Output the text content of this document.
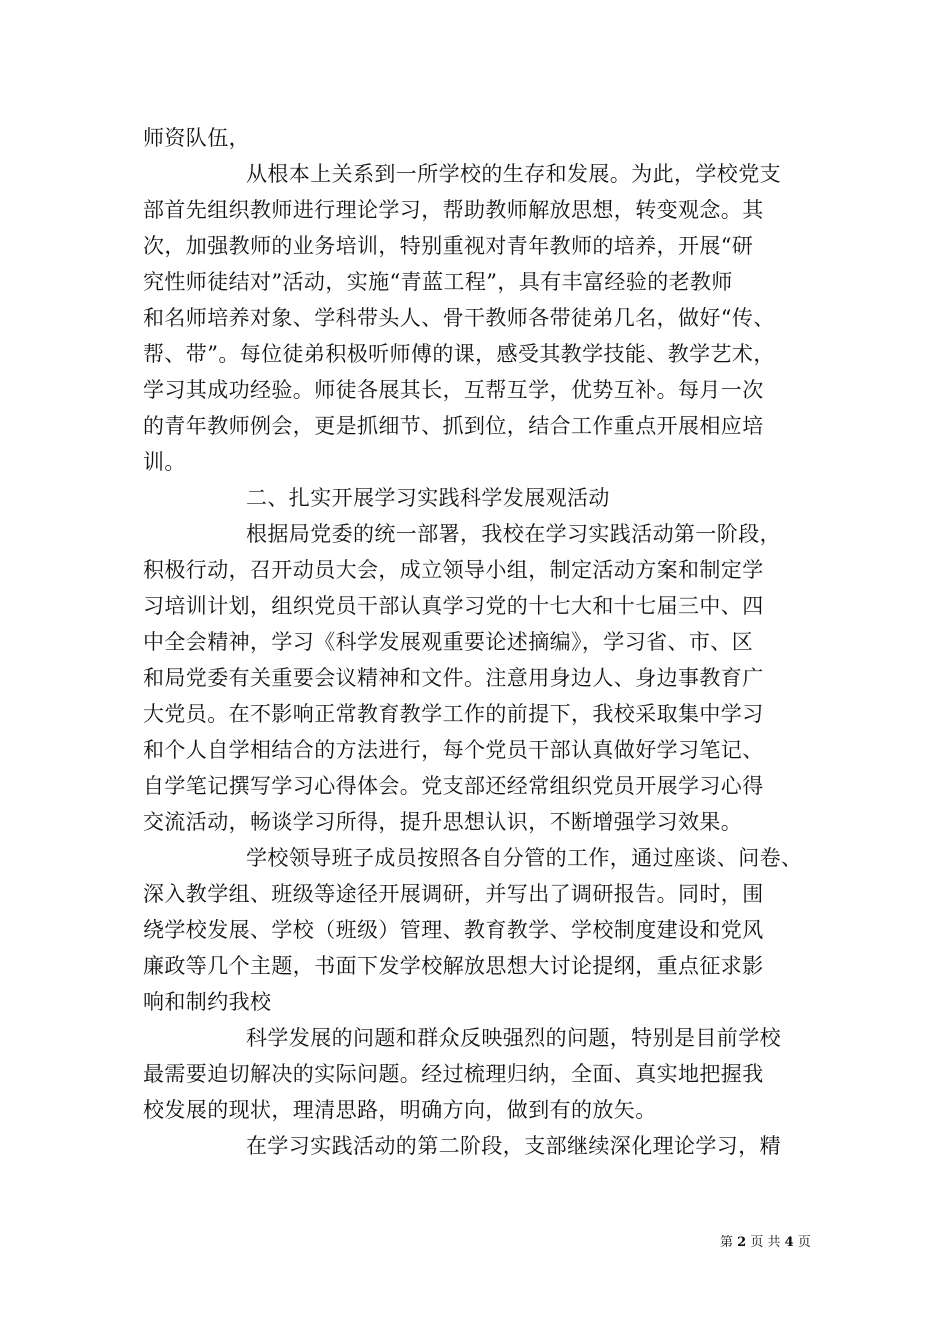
师资队伍，
从根本上关系到一所学校的生存和发展。为此，学校党支
部首先组织教师进行理论学习，帮助教师解放思想，转变观念。其
次，加强教师的业务培训，特别重视对青年教师的培养，开展“研
究性师徒结对”活动，实施“青蓝工程”，具有丰富经验的老教师
和名师培养对象、学科带头人、骨干教师各带徒弟几名，做好“传、
帮、带”。每位徒弟积极听师傅的课，感受其教学技能、教学艺术，
学习其成功经验。师徒各展其长，互帮互学，优势互补。每月一次
的青年教师例会，更是抓细节、抓到位，结合工作重点开展相应培
训。
二、扎实开展学习实践科学发展观活动
根据局党委的统一部署，我校在学习实践活动第一阶段，
积极行动，召开动员大会，成立领导小组，制定活动方案和制定学
习培训计划，组织党员干部认真学习党的十七大和十七届三中、四
中全会精神，学习《科学发展观重要论述摘编》，学习省、市、区
和局党委有关重要会议精神和文件。注意用身边人、身边事教育广
大党员。在不影响正常教育教学工作的前提下，我校采取集中学习
和个人自学相结合的方法进行，每个党员干部认真做好学习笔记、
自学笔记撰写学习心得体会。党支部还经常组织党员开展学习心得
交流活动，畅谈学习所得，提升思想认识，不断增强学习效果。
学校领导班子成员按照各自分管的工作，通过座谈、问卷、
深入教学组、班级等途径开展调研，并写出了调研报告。同时，围
绕学校发展、学校（班级）管理、教育教学、学校制度建设和党风
廉政等几个主题，书面下发学校解放思想大讨论提纲，重点征求影
响和制约我校
科学发展的问题和群众反映强烈的问题，特别是目前学校
最需要迫切解决的实际问题。经过梳理归纳，全面、真实地把握我
校发展的现状，理清思路，明确方向，做到有的放矢。
在学习实践活动的第二阶段，支部继续深化理论学习，精
第 2 页 共 4 页
